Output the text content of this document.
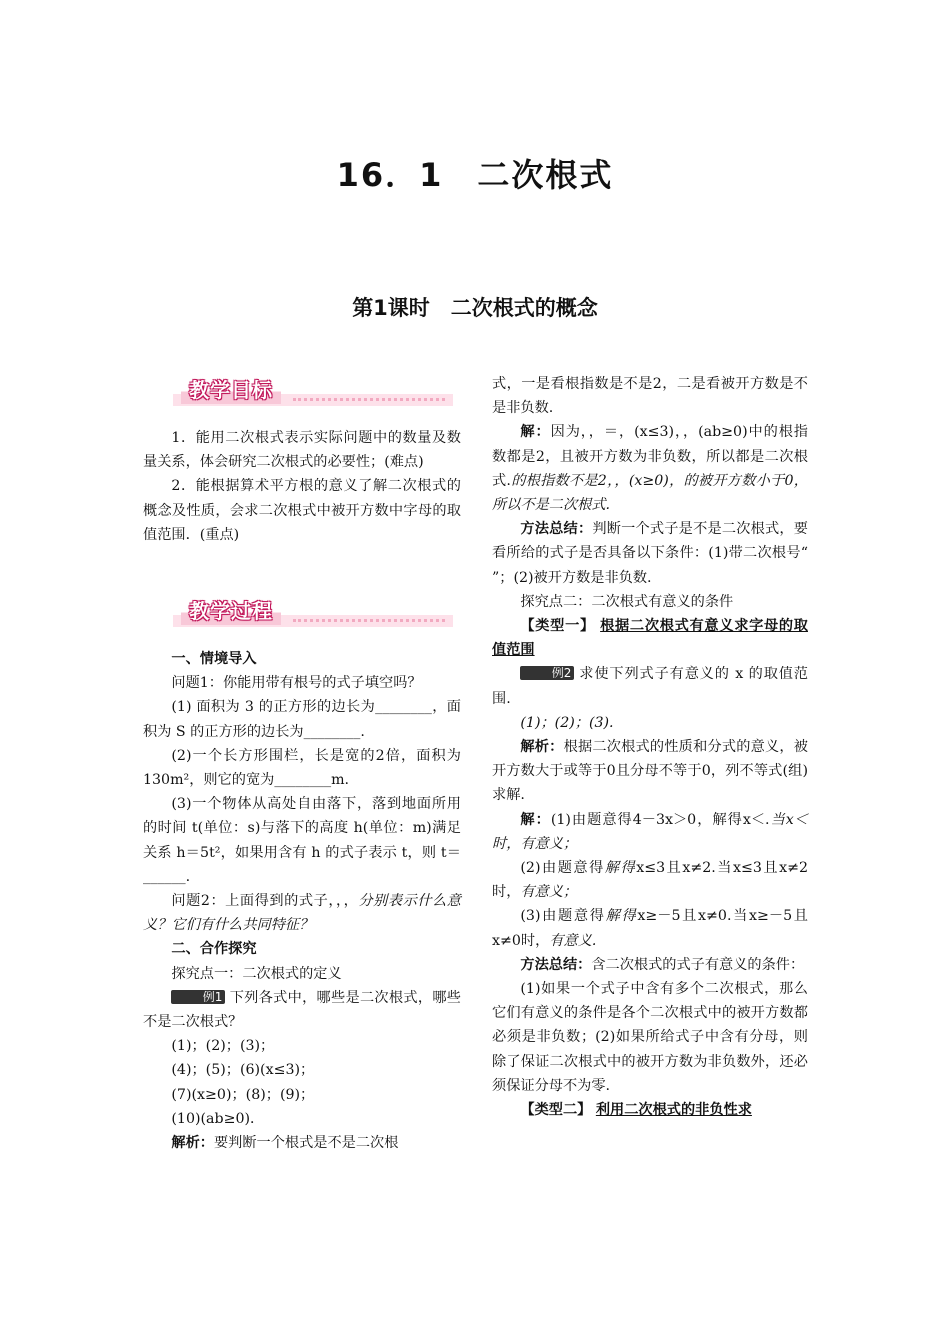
16．1　二次根式
第1课时　二次根式的概念
教学目标

1．能用二次根式表示实际问题中的数量及数量关系，体会研究二次根式的必要性；(难点)

2．能根据算术平方根的意义了解二次根式的概念及性质，会求二次根式中被开方数中字母的取值范围．(重点)

教学过程

一、情境导入

问题1：你能用带有根号的式子填空吗？

(1) 面积为 3 的正方形的边长为________，面积为 S 的正方形的边长为________.

(2)一个长方形围栏，长是宽的2倍，面积为130m²，则它的宽为________m.

(3)一个物体从高处自由落下，落到地面所用的时间 t(单位：s)与落下的高度 h(单位：m)满足关系 h＝5t²，如果用含有 h 的式子表示 t，则 t＝______.

问题2：上面得到的式子，，，分别表示什么意义？它们有什么共同特征？

二、合作探究

探究点一：二次根式的定义

例1 下列各式中，哪些是二次根式，哪些不是二次根式？

(1)；(2)；(3)；

(4)；(5)；(6)(x≤3)；

(7)(x≥0)；(8)；(9)；

(10)(ab≥0)．

解析：要判断一个根式是不是二次根

式，一是看根指数是不是2，二是看被开方数是不是非负数.

解：因为，，＝，(x≤3)，，(ab≥0)中的根指数都是2，且被开方数为非负数，所以都是二次根式.的根指数不是2，，(x≥0)，的被开方数小于0，所以不是二次根式.

方法总结：判断一个式子是不是二次根式，要看所给的式子是否具备以下条件：(1)带二次根号“ ”；(2)被开方数是非负数.

探究点二：二次根式有意义的条件

【类型一】 根据二次根式有意义求字母的取值范围

例2 求使下列式子有意义的 x 的取值范围.

(1)；(2)；(3).

解析：根据二次根式的性质和分式的意义，被开方数大于或等于0且分母不等于0，列不等式(组)求解.

解：(1)由题意得4－3x＞0，解得x＜.当x＜时，有意义；

(2)由题意得解得x≤3且x≠2.当x≤3且x≠2时，有意义；

(3)由题意得解得x≥－5且x≠0.当x≥－5且x≠0时，有意义.

方法总结：含二次根式的式子有意义的条件：

(1)如果一个式子中含有多个二次根式，那么它们有意义的条件是各个二次根式中的被开方数都必须是非负数；(2)如果所给式子中含有分母，则除了保证二次根式中的被开方数为非负数外，还必须保证分母不为零.

【类型二】 利用二次根式的非负性求
